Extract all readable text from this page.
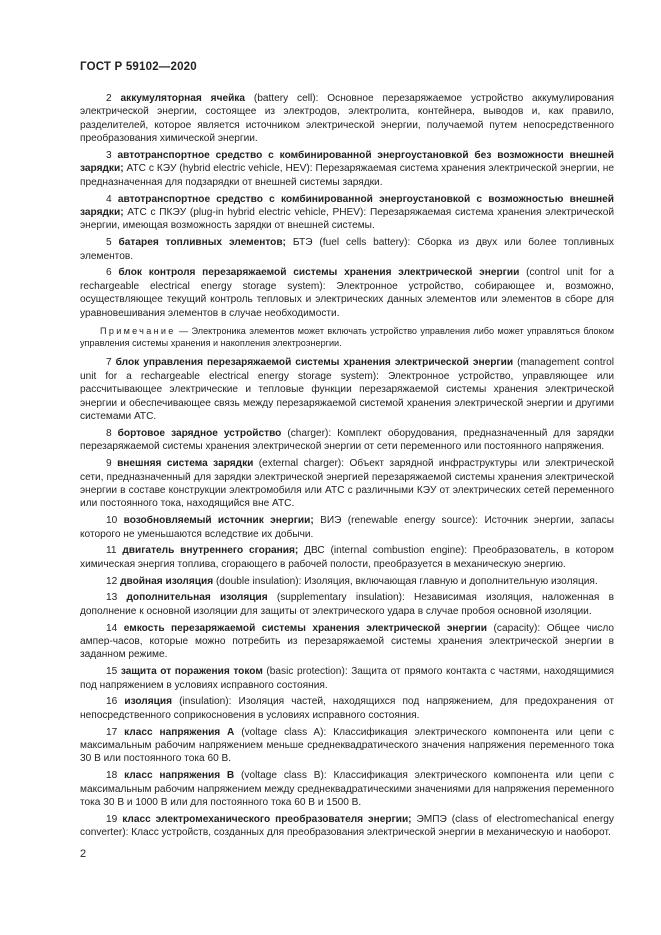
ГОСТ Р 59102—2020

2 аккумуляторная ячейка (battery cell): Основное перезаряжаемое устройство аккумулирования электрической энергии, состоящее из электродов, электролита, контейнера, выводов и, как правило, разделителей, которое является источником электрической энергии, получаемой путем непосредственного преобразования химической энергии.

3 автотранспортное средство с комбинированной энергоустановкой без возможности внешней зарядки; АТС с КЭУ (hybrid electric vehicle, HEV): Перезаряжаемая система хранения электрической энергии, не предназначенная для подзарядки от внешней системы зарядки.

4 автотранспортное средство с комбинированной энергоустановкой с возможностью внешней зарядки; АТС с ПКЭУ (plug-in hybrid electric vehicle, PHEV): Перезаряжаемая система хранения электрической энергии, имеющая возможность зарядки от внешней системы.

5 батарея топливных элементов; БТЭ (fuel cells battery): Сборка из двух или более топливных элементов.

6 блок контроля перезаряжаемой системы хранения электрической энергии (control unit for a rechargeable electrical energy storage system): Электронное устройство, собирающее и, возможно, осуществляющее текущий контроль тепловых и электрических данных элементов или элементов в сборе для уравновешивания элементов в случае необходимости.

Примечание — Электроника элементов может включать устройство управления либо может управляться блоком управления системы хранения и накопления электроэнергии.

7 блок управления перезаряжаемой системы хранения электрической энергии (management control unit for a rechargeable electrical energy storage system): Электронное устройство, управляющее или рассчитывающее электрические и тепловые функции перезаряжаемой системы хранения электрической энергии и обеспечивающее связь между перезаряжаемой системой хранения электрической энергии и другими системами АТС.

8 бортовое зарядное устройство (charger): Комплект оборудования, предназначенный для зарядки перезаряжаемой системы хранения электрической энергии от сети переменного или постоянного напряжения.

9 внешняя система зарядки (external charger): Объект зарядной инфраструктуры или электрической сети, предназначенный для зарядки электрической энергией перезаряжаемой системы хранения электрической энергии в составе конструкции электромобиля или АТС с различными КЭУ от электрических сетей переменного или постоянного тока, находящийся вне АТС.

10 возобновляемый источник энергии; ВИЭ (renewable energy source): Источник энергии, запасы которого не уменьшаются вследствие их добычи.

11 двигатель внутреннего сгорания; ДВС (internal combustion engine): Преобразователь, в котором химическая энергия топлива, сгорающего в рабочей полости, преобразуется в механическую энергию.

12 двойная изоляция (double insulation): Изоляция, включающая главную и дополнительную изоляция.

13 дополнительная изоляция (supplementary insulation): Независимая изоляция, наложенная в дополнение к основной изоляции для защиты от электрического удара в случае пробоя основной изоляции.

14 емкость перезаряжаемой системы хранения электрической энергии (capacity): Общее число ампер-часов, которые можно потребить из перезаряжаемой системы хранения электрической энергии в заданном режиме.

15 защита от поражения током (basic protection): Защита от прямого контакта с частями, находящимися под напряжением в условиях исправного состояния.

16 изоляция (insulation): Изоляция частей, находящихся под напряжением, для предохранения от непосредственного соприкосновения в условиях исправного состояния.

17 класс напряжения А (voltage class A): Классификация электрического компонента или цепи с максимальным рабочим напряжением меньше среднеквадратического значения напряжения переменного тока 30 В или постоянного тока 60 В.

18 класс напряжения В (voltage class B): Классификация электрического компонента или цепи с максимальным рабочим напряжением между среднеквадратическими значениями для напряжения переменного тока 30 В и 1000 В или для постоянного тока 60 В и 1500 В.

19 класс электромеханического преобразователя энергии; ЭМПЭ (class of electromechanical energy converter): Класс устройств, созданных для преобразования электрической энергии в механическую и наоборот.

2
